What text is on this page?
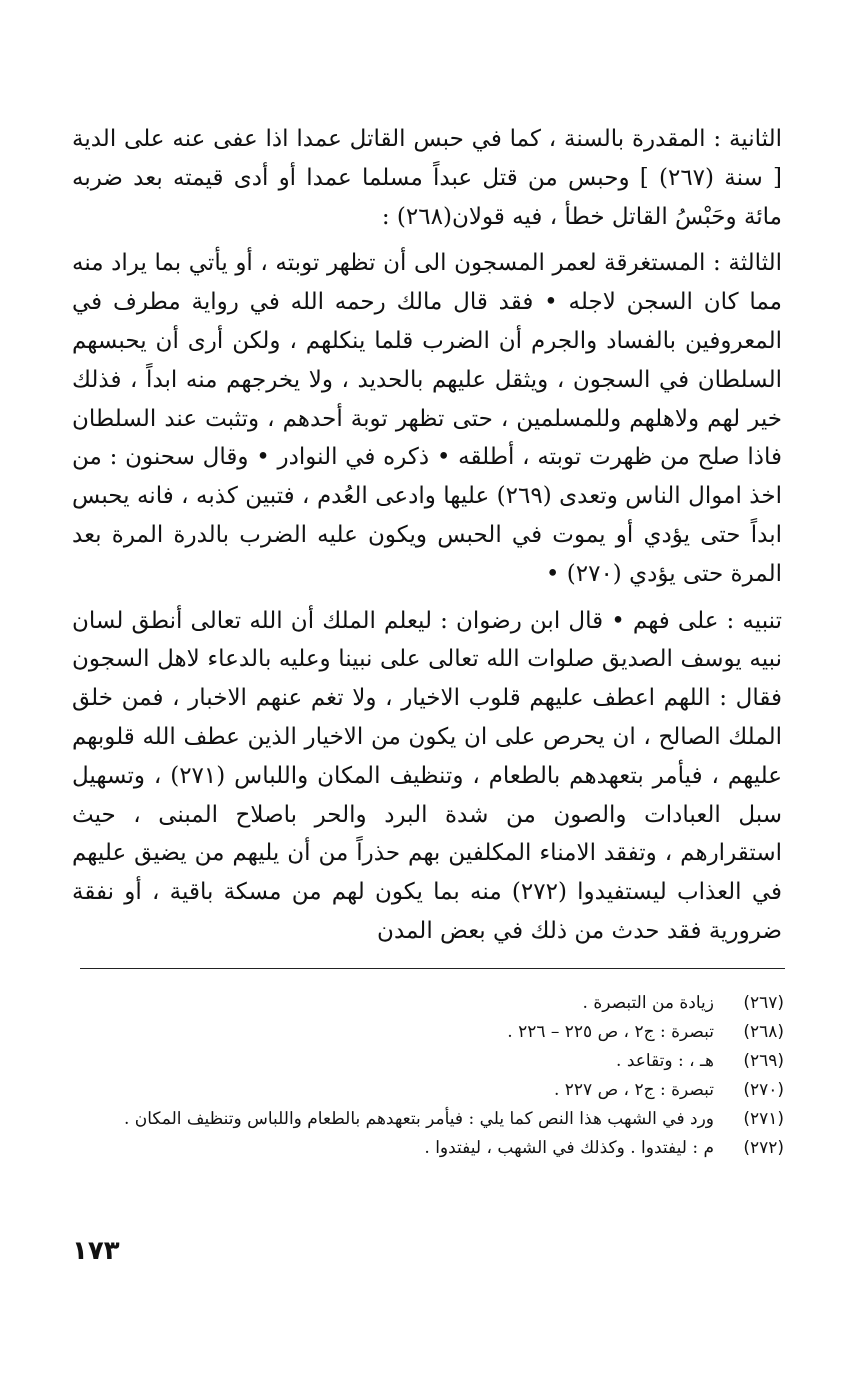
الثانية : المقدرة بالسنة ، كما في حبس القاتل عمدا اذا عفى عنه على الدية [ سنة (٢٦٧) ] وحبس من قتل عبداً مسلما عمدا أو أدى قيمته بعد ضربه مائة وحَبْسُ القاتل خطأ ، فيه قولان(٢٦٨) :

الثالثة : المستغرقة لعمر المسجون الى أن تظهر توبته ، أو يأتي بما يراد منه مما كان السجن لاجله • فقد قال مالك رحمه الله في رواية مطرف في المعروفين بالفساد والجرم أن الضرب قلما ينكلهم ، ولكن أرى أن يحبسهم السلطان في السجون ، ويثقل عليهم بالحديد ، ولا يخرجهم منه ابداً ، فذلك خير لهم ولاهلهم وللمسلمين ، حتى تظهر توبة أحدهم ، وتثبت عند السلطان فاذا صلح من ظهرت توبته ، أطلقه • ذكره في النوادر • وقال سحنون : من اخذ اموال الناس وتعدى (٢٦٩) عليها وادعى العُدم ، فتبين كذبه ، فانه يحبس ابداً حتى يؤدي أو يموت في الحبس ويكون عليه الضرب بالدرة المرة بعد المرة حتى يؤدي (٢٧٠) •

تنبيه : على فهم • قال ابن رضوان : ليعلم الملك أن الله تعالى أنطق لسان نبيه يوسف الصديق صلوات الله تعالى على نبينا وعليه بالدعاء لاهل السجون فقال : اللهم اعطف عليهم قلوب الاخيار ، ولا تغم عنهم الاخبار ، فمن خلق الملك الصالح ، ان يحرص على ان يكون من الاخيار الذين عطف الله قلوبهم عليهم ، فيأمر بتعهدهم بالطعام ، وتنظيف المكان واللباس (٢٧١) ، وتسهيل سبل العبادات والصون من شدة البرد والحر باصلاح المبنى ، حيث استقرارهم ، وتفقد الامناء المكلفين بهم حذراً من أن يليهم من يضيق عليهم في العذاب ليستفيدوا (٢٧٢) منه بما يكون لهم من مسكة باقية ، أو نفقة ضرورية فقد حدث من ذلك في بعض المدن

(٢٦٧)
زيادة من التبصرة .
(٢٦٨)
تبصرة : ج٢ ، ص ٢٢٥ – ٢٢٦ .
(٢٦٩)
هـ ، : وتقاعد .
(٢٧٠)
تبصرة : ج٢ ، ص ٢٢٧ .
(٢٧١)
ورد في الشهب هذا النص كما يلي : فيأمر بتعهدهم بالطعام واللباس وتنظيف المكان .
(٢٧٢)
م : ليفتدوا . وكذلك في الشهب ، ليفتدوا .
١٧٣
